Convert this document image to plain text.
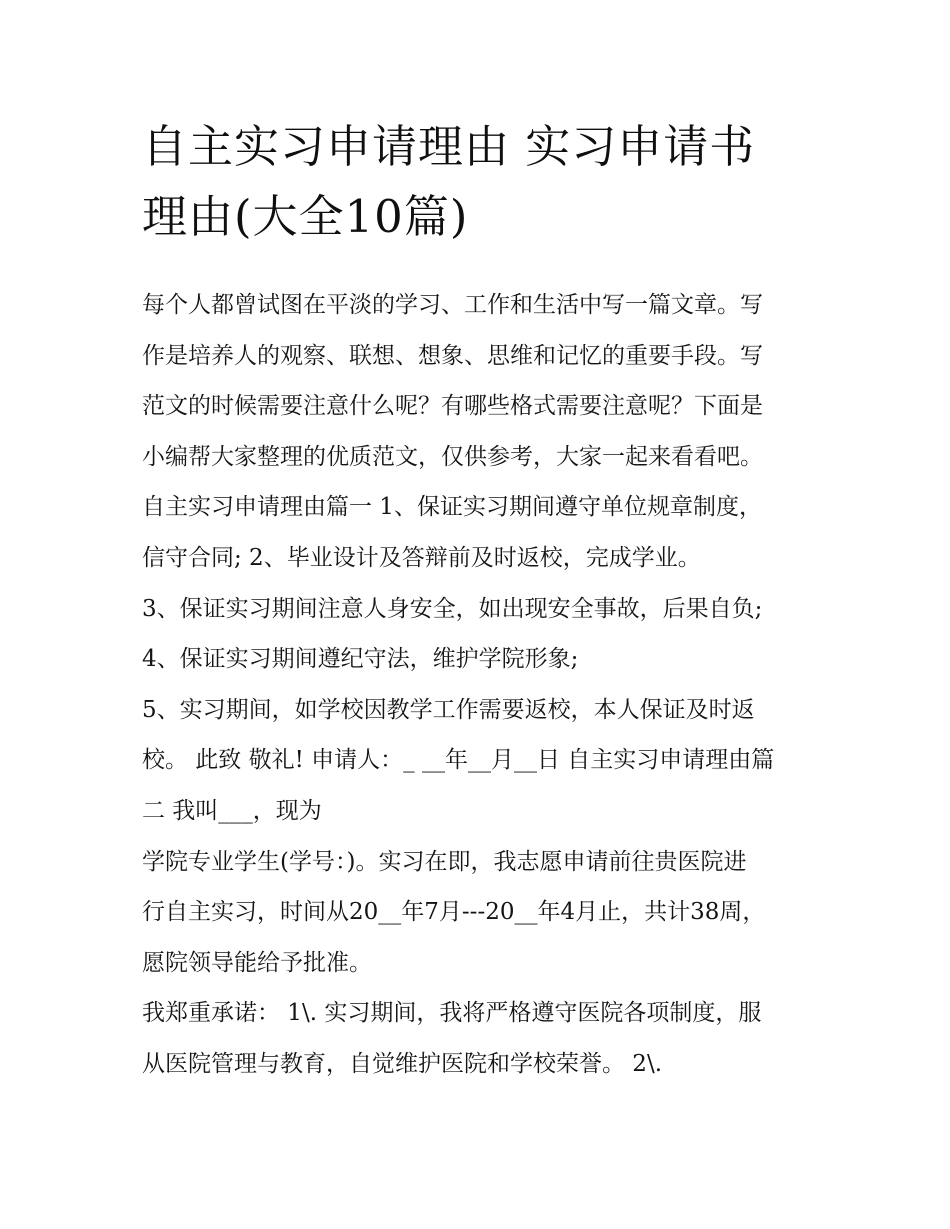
自主实习申请理由 实习申请书
理由(大全10篇)
每个人都曾试图在平淡的学习、工作和生活中写一篇文章。写
作是培养人的观察、联想、想象、思维和记忆的重要手段。写
范文的时候需要注意什么呢？有哪些格式需要注意呢？下面是
小编帮大家整理的优质范文，仅供参考，大家一起来看看吧。
自主实习申请理由篇一 1、保证实习期间遵守单位规章制度，
信守合同; 2、毕业设计及答辩前及时返校，完成学业。
3、保证实习期间注意人身安全，如出现安全事故，后果自负;
4、保证实习期间遵纪守法，维护学院形象;
5、实习期间，如学校因教学工作需要返校，本人保证及时返
校。 此致 敬礼! 申请人：_ __年__月__日 自主实习申请理由篇
二 我叫___，现为
学院专业学生(学号：)。实习在即，我志愿申请前往贵医院进
行自主实习，时间从20__年7月---20__年4月止，共计38周，
愿院领导能给予批准。
我郑重承诺： 1\. 实习期间，我将严格遵守医院各项制度，服
从医院管理与教育，自觉维护医院和学校荣誉。 2\.
